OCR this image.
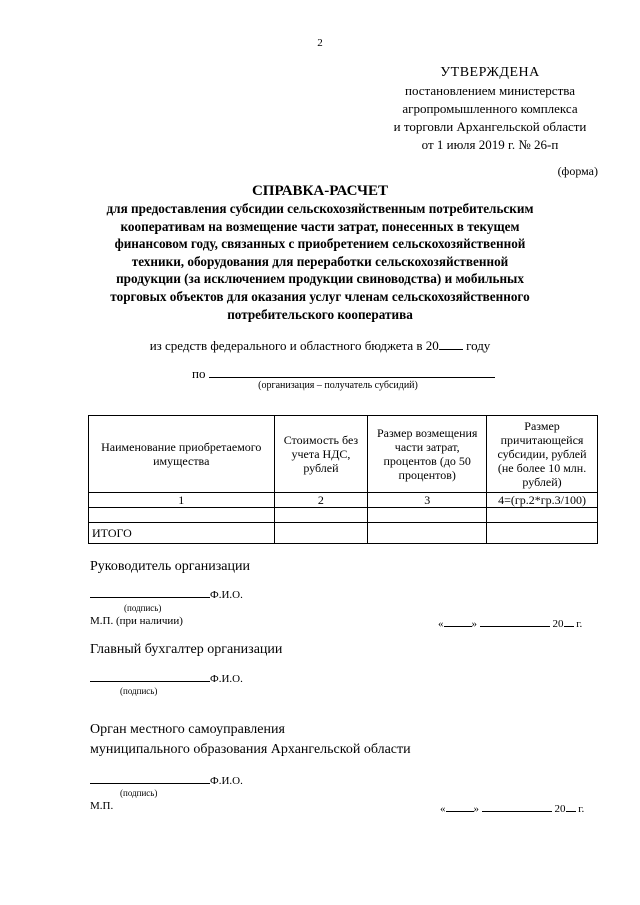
2
УТВЕРЖДЕНА
постановлением министерства
агропромышленного комплекса
и торговли Архангельской области
от 1 июля 2019 г. № 26-п
(форма)
СПРАВКА-РАСЧЕТ
для предоставления субсидии сельскохозяйственным потребительским
кооперативам на возмещение части затрат, понесенных в текущем
финансовом году, связанных с приобретением сельскохозяйственной
техники, оборудования для переработки сельскохозяйственной
продукции (за исключением продукции свиноводства) и мобильных
торговых объектов для оказания услуг членам сельскохозяйственного
потребительского кооператива
из средств федерального и областного бюджета в 20 году
по
(организация – получатель субсидий)
Наименование приобретаемого имущества	Стоимость без учета НДС, рублей	Размер возмещения части затрат, процентов (до 50 процентов)	Размер причитающейся субсидии, рублей (не более 10 млн. рублей)
1	2	3	4=(гр.2*гр.3/100)

ИТОГО			
Руководитель организации
Ф.И.О.
(подпись)
М.П. (при наличии)	«	»	20 г.
Главный бухгалтер организации
Ф.И.О.
(подпись)
Орган местного самоуправления
муниципального образования Архангельской области
Ф.И.О.
(подпись)
М.П.	«	»	20 г.
